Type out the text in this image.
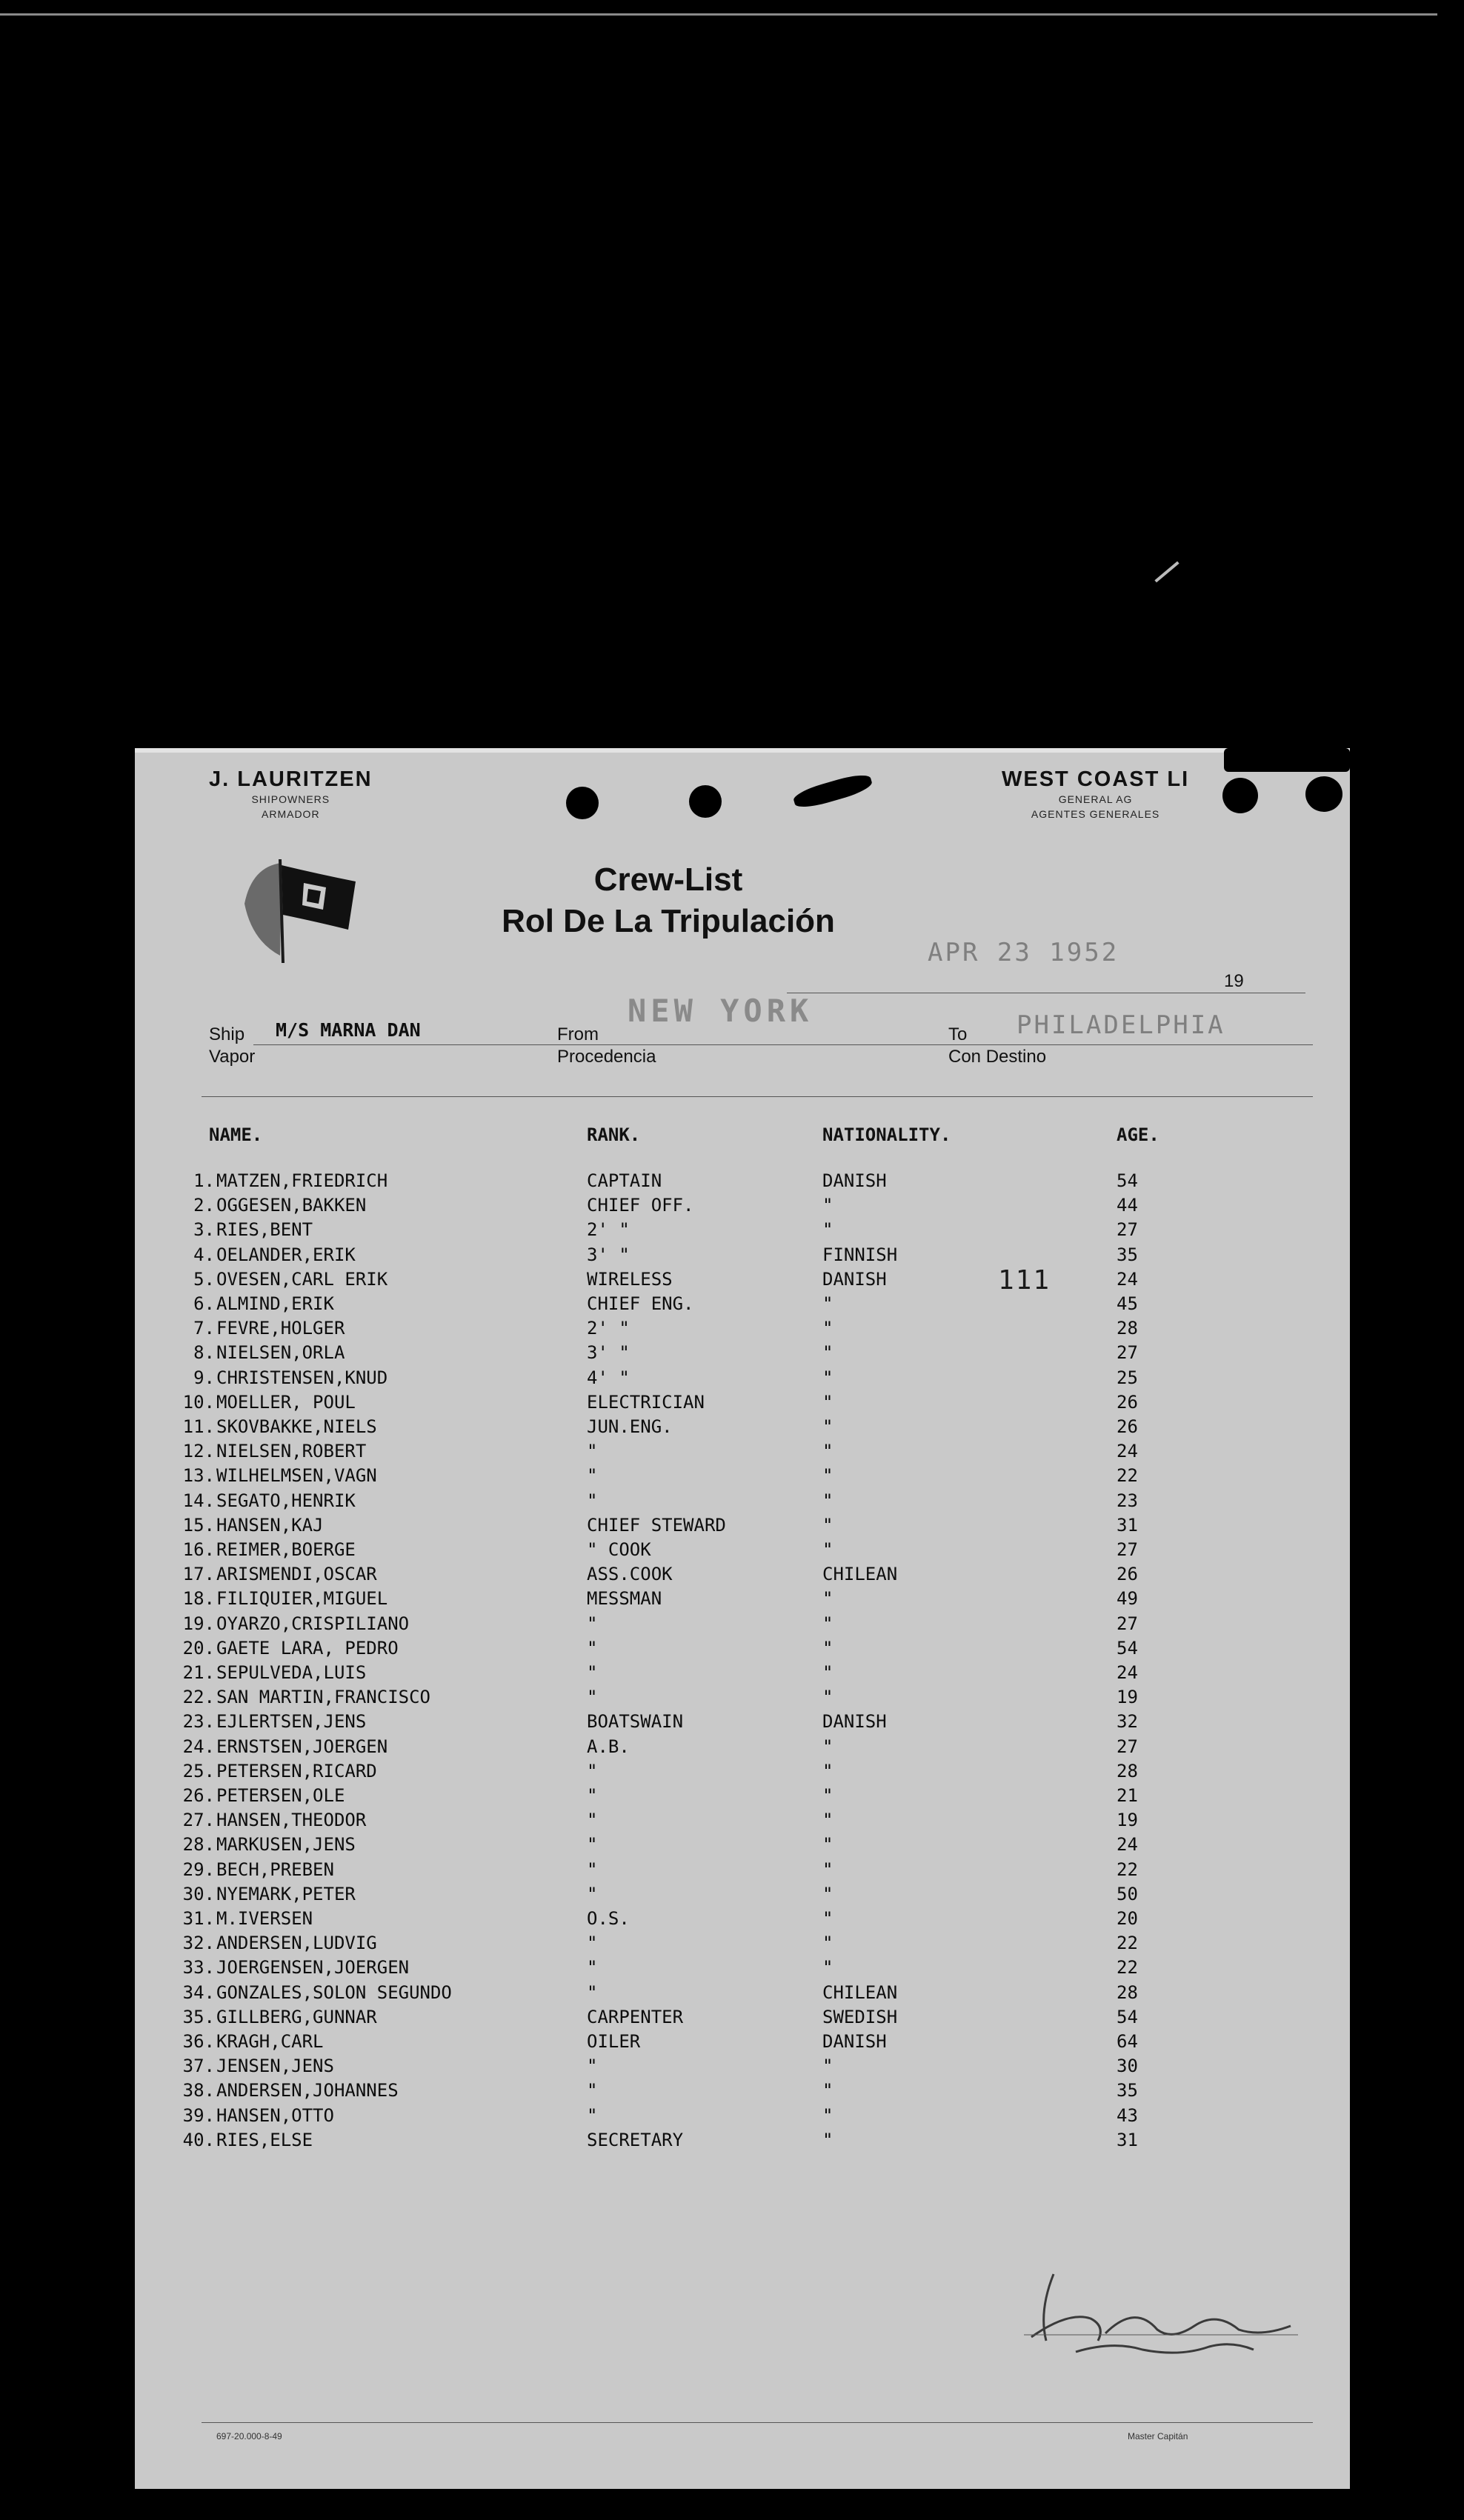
J. LAURITZEN
SHIPOWNERS
ARMADOR
WEST COAST LI
GENERAL AG
AGENTES GENERALES
Crew-List
Rol De La Tripulación
APR 23 1952
19
NEW YORK	PHILADELPHIA
Ship
Vapor
M/S MARNA DAN	From
Procedencia
To
Con Destino
NAME.	RANK.	NATIONALITY.	AGE.
111
1. MATZEN,FRIEDRICH	CAPTAIN	DANISH	54
2. OGGESEN,BAKKEN	CHIEF OFF.	"	44
3. RIES,BENT	2' "	"	27
4. OELANDER,ERIK	3' "	FINNISH	35
5. OVESEN,CARL ERIK	WIRELESS	DANISH	24
6. ALMIND,ERIK	CHIEF ENG.	"	45
7. FEVRE,HOLGER	2' "	"	28
8. NIELSEN,ORLA	3' "	"	27
9. CHRISTENSEN,KNUD	4' "	"	25
10. MOELLER, POUL	ELECTRICIAN	"	26
11. SKOVBAKKE,NIELS	JUN.ENG.	"	26
12. NIELSEN,ROBERT	"	"	24
13. WILHELMSEN,VAGN	"	"	22
14. SEGATO,HENRIK	"	"	23
15. HANSEN,KAJ	CHIEF STEWARD	"	31
16. REIMER,BOERGE	" COOK	"	27
17. ARISMENDI,OSCAR	ASS.COOK	CHILEAN	26
18. FILIQUIER,MIGUEL	MESSMAN	"	49
19. OYARZO,CRISPILIANO	"	"	27
20. GAETE LARA, PEDRO	"	"	54
21. SEPULVEDA,LUIS	"	"	24
22. SAN MARTIN,FRANCISCO	"	"	19
23. EJLERTSEN,JENS	BOATSWAIN	DANISH	32
24. ERNSTSEN,JOERGEN	A.B.	"	27
25. PETERSEN,RICARD	"	"	28
26. PETERSEN,OLE	"	"	21
27. HANSEN,THEODOR	"	"	19
28. MARKUSEN,JENS	"	"	24
29. BECH,PREBEN	"	"	22
30. NYEMARK,PETER	"	"	50
31. M.IVERSEN	O.S.	"	20
32. ANDERSEN,LUDVIG	"	"	22
33. JOERGENSEN,JOERGEN	"	"	22
34. GONZALES,SOLON SEGUNDO	"	CHILEAN	28
35. GILLBERG,GUNNAR	CARPENTER	SWEDISH	54
36. KRAGH,CARL	OILER	DANISH	64
37. JENSEN,JENS	"	"	30
38. ANDERSEN,JOHANNES	"	"	35
39. HANSEN,OTTO	"	"	43
40. RIES,ELSE	SECRETARY	"	31
697-20.000-8-49	Master Capitán
